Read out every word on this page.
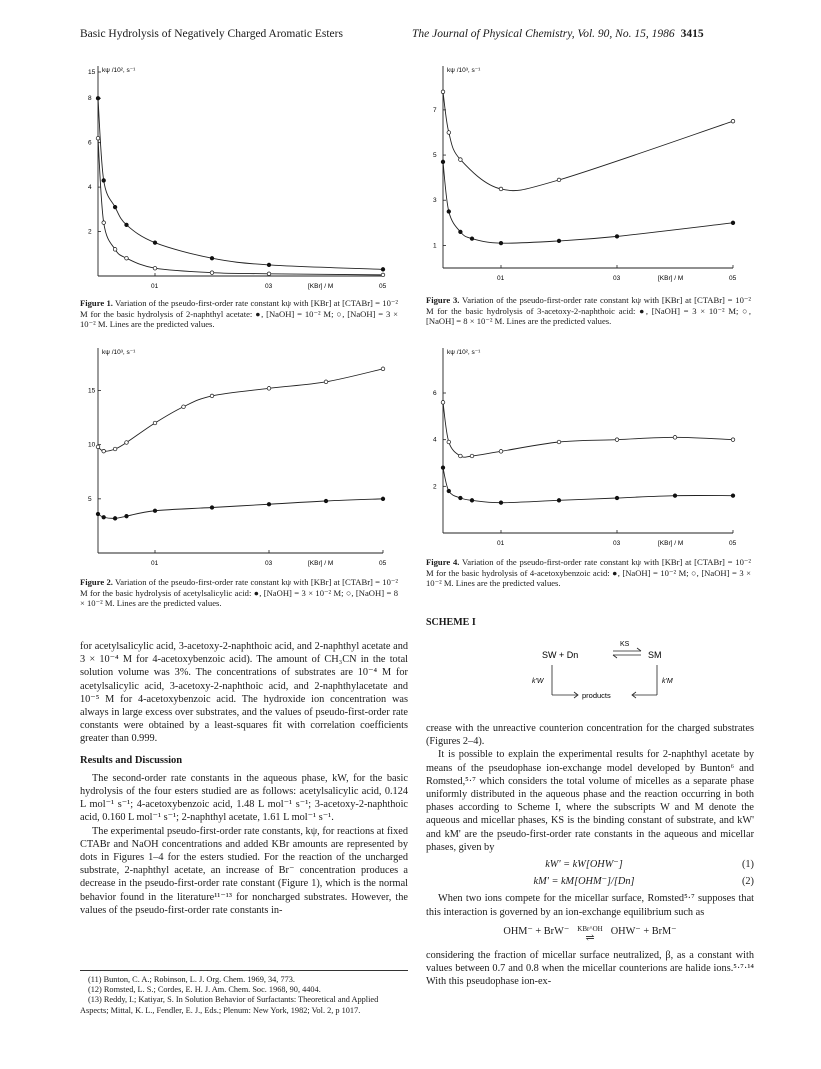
Basic Hydrolysis of Negatively Charged Aromatic Esters	The Journal of Physical Chemistry, Vol. 90, No. 15, 1986 3415
kψ /10², s⁻¹
[KBr] / M
01	03	05
2
4
6
8
15
Figure 1. Variation of the pseudo-first-order rate constant kψ with [KBr] at [CTABr] = 10⁻² M for the basic hydrolysis of 2-naphthyl acetate: ●, [NaOH] = 10⁻² M; ○, [NaOH] = 3 × 10⁻² M. Lines are the predicted values.
kψ /10³, s⁻¹
[KBr] / M
01	03	05
5
10
15
Figure 2. Variation of the pseudo-first-order rate constant kψ with [KBr] at [CTABr] = 10⁻² M for the basic hydrolysis of acetylsalicylic acid: ●, [NaOH] = 3 × 10⁻² M; ○, [NaOH] = 8 × 10⁻² M. Lines are the predicted values.
kψ /10³, s⁻¹
[KBr] / M
01	03	05
1
3
5
7
Figure 3. Variation of the pseudo-first-order rate constant kψ with [KBr] at [CTABr] = 10⁻² M for the basic hydrolysis of 3-acetoxy-2-naphthoic acid: ●, [NaOH] = 3 × 10⁻² M; ○, [NaOH] = 8 × 10⁻² M. Lines are the predicted values.
kψ /10², s⁻¹
[KBr] / M
01	03	05
2
4
6
Figure 4. Variation of the pseudo-first-order rate constant kψ with [KBr] at [CTABr] = 10⁻² M for the basic hydrolysis of 4-acetoxybenzoic acid: ●, [NaOH] = 10⁻² M; ○, [NaOH] = 3 × 10⁻² M. Lines are the predicted values.

for acetylsalicylic acid, 3-acetoxy-2-naphthoic acid, and 2-naphthyl acetate and 3 × 10⁻⁴ M for 4-acetoxybenzoic acid). The amount of CH₃CN in the total solution volume was 3%. The concentrations of substrates are 10⁻⁴ M for acetylsalicylic acid, 3-acetoxy-2-naphthoic acid, and 2-naphthylacetate and 10⁻⁵ M for 4-acetoxybenzoic acid. The hydroxide ion concentration was always in large excess over substrates, and the values of pseudo-first-order rate constants were obtained by a least-squares fit with correlation coefficients greater than 0.999.

Results and Discussion

The second-order rate constants in the aqueous phase, kW, for the basic hydrolysis of the four esters studied are as follows: acetylsalicylic acid, 0.124 L mol⁻¹ s⁻¹; 4-acetoxybenzoic acid, 1.48 L mol⁻¹ s⁻¹; 3-acetoxy-2-naphthoic acid, 0.160 L mol⁻¹ s⁻¹; 2-naphthyl acetate, 1.61 L mol⁻¹ s⁻¹.

The experimental pseudo-first-order rate constants, kψ, for reactions at fixed CTABr and NaOH concentrations and added KBr amounts are represented by dots in Figures 1–4 for the esters studied. For the reaction of the uncharged substrate, 2-naphthyl acetate, an increase of Br⁻ concentration produces a decrease in the pseudo-first-order rate constant (Figure 1), which is the normal behavior found in the literature¹¹⁻¹³ for noncharged substrates. However, the values of the pseudo-first-order rate constants in-

(11) Bunton, C. A.; Robinson, L. J. Org. Chem. 1969, 34, 773.
(12) Romsted, L. S.; Cordes, E. H. J. Am. Chem. Soc. 1968, 90, 4404.
(13) Reddy, I.; Katiyar, S. In Solution Behavior of Surfactants: Theoretical and Applied Aspects; Mittal, K. L., Fendler, E. J., Eds.; Plenum: New York, 1982; Vol. 2, p 1017.
SCHEME I
SW + Dn
KS
SM
products
k'W	k'M

crease with the unreactive counterion concentration for the charged substrates (Figures 2–4).

It is possible to explain the experimental results for 2-naphthyl acetate by means of the pseudophase ion-exchange model developed by Bunton⁶ and Romsted,⁵·⁷ which considers the total volume of micelles as a separate phase uniformly distributed in the aqueous phase and the reaction occurring in both phases according to Scheme I, where the subscripts W and M denote the aqueous and micellar phases, KS is the binding constant of substrate, and kW' and kM' are the pseudo-first-order rate constants in the aqueous and micellar phases, given by

kW' = kW[OHW⁻]	(1)
kM' = kM[OHM⁻]/[Dn]	(2)

When two ions compete for the micellar surface, Romsted⁵·⁷ supposes that this interaction is governed by an ion-exchange equilibrium such as

OHM⁻ + BrW⁻ KBr^OH
⇌
OHW⁻ + BrM⁻

considering the fraction of micellar surface neutralized, β, as a constant with values between 0.7 and 0.8 when the micellar counterions are halide ions.⁵·⁷·¹⁴ With this pseudophase ion-ex-
